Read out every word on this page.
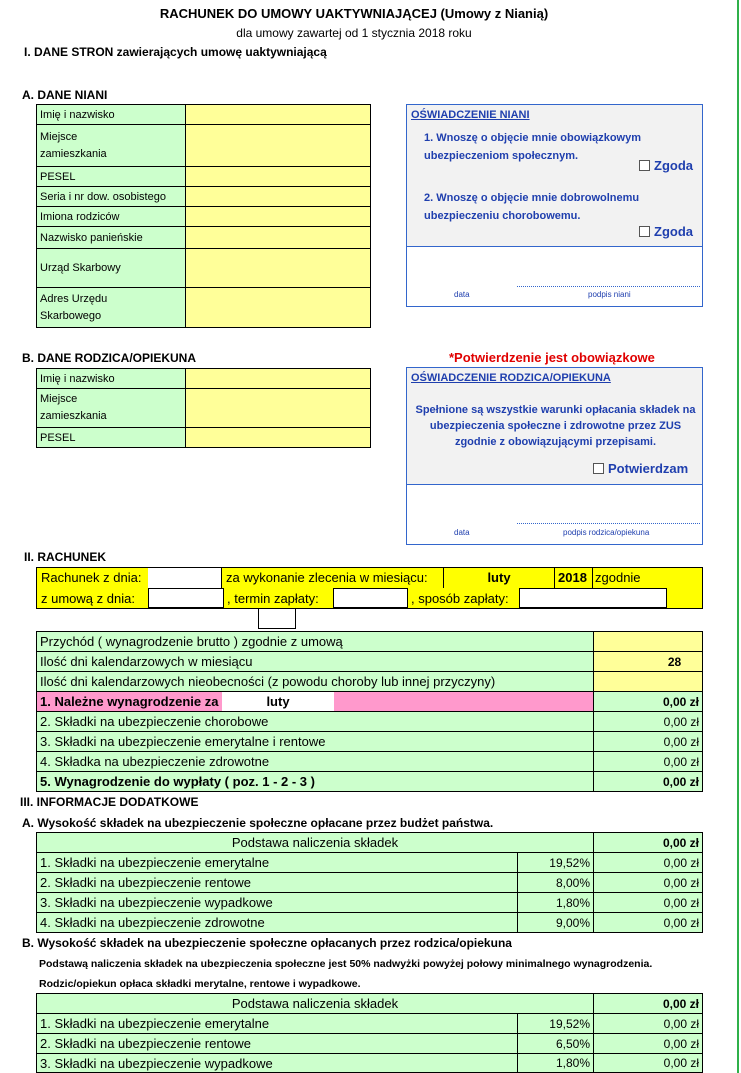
RACHUNEK DO UMOWY UAKTYWNIAJĄCEJ (Umowy z Nianią)
dla umowy zawartej od 1 stycznia 2018 roku
I. DANE STRON zawierających umowę uaktywniającą
A. DANE NIANI
Imię i nazwisko
Miejsce zamieszkania
PESEL
Seria i nr dow. osobistego
Imiona rodziców
Nazwisko panieńskie
Urząd Skarbowy
Adres Urzędu Skarbowego
OŚWIADCZENIE NIANI
1. Wnoszę o objęcie mnie obowiązkowym ubezpieczeniom społecznym.
Zgoda
2. Wnoszę o objęcie mnie dobrowolnemu ubezpieczeniu chorobowemu.
Zgoda
data	podpis niani
B. DANE RODZICA/OPIEKUNA	*Potwierdzenie jest obowiązkowe
Imię i nazwisko
Miejsce zamieszkania
PESEL
OŚWIADCZENIE RODZICA/OPIEKUNA
Spełnione są wszystkie warunki opłacania składek na ubezpieczenia społeczne i zdrowotne przez ZUS zgodnie z obowiązującymi przepisami.
Potwierdzam
data	podpis rodzica/opiekuna
II. RACHUNEK
Rachunek z dnia:	za wykonanie zlecenia w miesiącu:	luty	2018 zgodnie
z umową z dnia:	, termin zapłaty:	, sposób zapłaty:
Przychód ( wynagrodzenie brutto ) zgodnie z umową
Ilość dni kalendarzowych w miesiącu	28
Ilość dni kalendarzowych nieobecności (z powodu choroby lub innej przyczyny)
1. Należne wynagrodzenie za	luty	0,00 zł
2. Składki na ubezpieczenie chorobowe	0,00 zł
3. Składki na ubezpieczenie emerytalne i rentowe	0,00 zł
4. Składka na ubezpieczenie zdrowotne	0,00 zł
5. Wynagrodzenie do wypłaty ( poz. 1 - 2 - 3 )	0,00 zł
III. INFORMACJE DODATKOWE
A. Wysokość składek na ubezpieczenie społeczne opłacane przez budżet państwa.
Podstawa naliczenia składek	0,00 zł
1. Składki na ubezpieczenie emerytalne	19,52%	0,00 zł
2. Składki na ubezpieczenie rentowe	8,00%	0,00 zł
3. Składki na ubezpieczenie wypadkowe	1,80%	0,00 zł
4. Składki na ubezpieczenie zdrowotne	9,00%	0,00 zł
B. Wysokość składek na ubezpieczenie społeczne opłacanych przez rodzica/opiekuna
Podstawą naliczenia składek na ubezpieczenia społeczne jest 50% nadwyżki powyżej połowy minimalnego wynagrodzenia.
Rodzic/opiekun opłaca składki merytalne, rentowe i wypadkowe.
Podstawa naliczenia składek	0,00 zł
1. Składki na ubezpieczenie emerytalne	19,52%	0,00 zł
2. Składki na ubezpieczenie rentowe	6,50%	0,00 zł
3. Składki na ubezpieczenie wypadkowe	1,80%	0,00 zł
